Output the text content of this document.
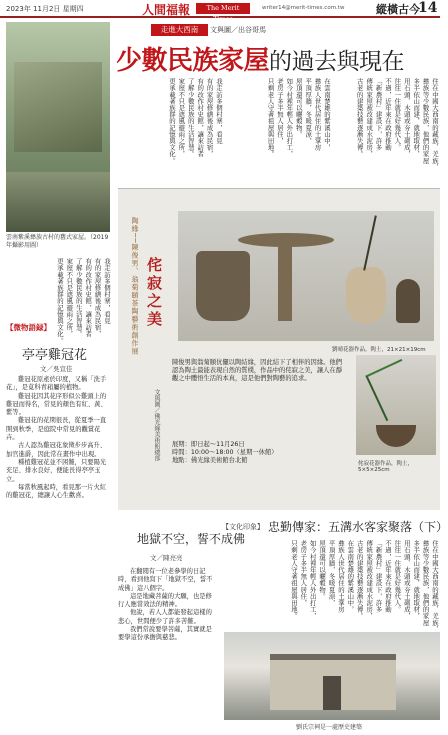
2023年 11月2日 星期四	人間福報	The Merit Times
writer14@merit-times.com.tw	縱橫古今
14
雲南紫溪彝族古村的舊式家屋。（2019年攝影用圖）
走進大西南	文與圖／出谷哥馬
少數民族家屋的過去與現在
住在中國大西南的藏族、羌族、
彝族等少數民族，他們的家屋
多半依山而建，就地取材，
用石頭、木頭或夯土砌成，
往往一住就是好幾代人。
不過，近年來在政府推動
「新農村」建設下，許多
傳統家屋被改建成水泥房，
古老的建築技藝逐漸失傳。
在雲南楚雄的紫溪山中，
彝族人世代居住的土掌房
平頂厚牆，冬暖夏涼，
屋頂還可以曬穀物。
如今村裡年輕人外出打工，
老房子多半無人居住，
只剩老人守著祖屋與田地。
我走訪多個村寨，看見
有的家屋修繕後成為民宿，
有的改作村史館，讓來訪者
了解少數民族的生活智慧。
家屋不只是遮風避雨之所，
更承載著族群的記憶與文化。
我走訪多個村寨，看見
有的家屋修繕後成為民宿，
有的改作村史館，讓來訪者
了解少數民族的生活智慧。
家屋不只是遮風避雨之所，
更承載著族群的記憶與文化。	陶緣──陳俊男、翁菊頤茶陶藝術創作展 侘寂之美
文與圖／佛光緣美術館總部
劉晴花器作品，陶土，21×21×19cm
陳俊男與翁菊頤伉儷以陶結緣，因此結下了相伴的因緣。他們認為陶土最能表現自然的質樸，作品中的侘寂之美，讓人在靜觀之中體悟生活的本真，這是他們對陶藝的追求。
展期：即日起～11月26日
時間：10:00～18:00（星期一休館）
地點：佛光緣美術館台北館	侘寂花器作品，陶土，5×5×25cm
【微物語録】
亭亭雞冠花
文／吳宣佳

雞冠花原產於印度，又稱「洗手花」，是莧科青葙屬的植物。

雞冠花因其花序形似公雞頭上的雞冠而得名，常見的顏色有紅、黃、紫等。

雞冠花的花期很長，從夏季一直開到秋季，是庭院中常見的觀賞花卉。

古人認為雞冠花象徵步步高升、加官進爵，因此常在畫作中出現。

種植雞冠花並不困難，只要陽光充足、排水良好，便能長得亭亭玉立。

每當秋風起時，看見那一片火紅的雞冠花，總讓人心生歡喜。

地獄不空，誓不成佛
文／陳亮亮

在翻閱有一位老參學的日記時，看到他寫下「地獄不空，誓不成佛」這八個字。

這是地藏菩薩的大願，也是修行人應當效法的精神。

他說，若人人都能發起這樣的悲心，世間便少了許多苦難。

我們常說要學菩薩，其實就是要學這份承擔與慈悲。

【文化印象】 忠勤傳家：五溝水客家聚落（下）
住在中國大西南的藏族、羌族、
彝族等少數民族，他們的家屋
多半依山而建，就地取材，
用石頭、木頭或夯土砌成，
往往一住就是好幾代人。
不過，近年來在政府推動
「新農村」建設下，許多
傳統家屋被改建成水泥房，
古老的建築技藝逐漸失傳。
在雲南楚雄的紫溪山中，
彝族人世代居住的土掌房
平頂厚牆，冬暖夏涼，
屋頂還可以曬穀物。
如今村裡年輕人外出打工，
老房子多半無人居住，
只剩老人守著祖屋與田地。
劉氏宗祠是一處歷史建築
